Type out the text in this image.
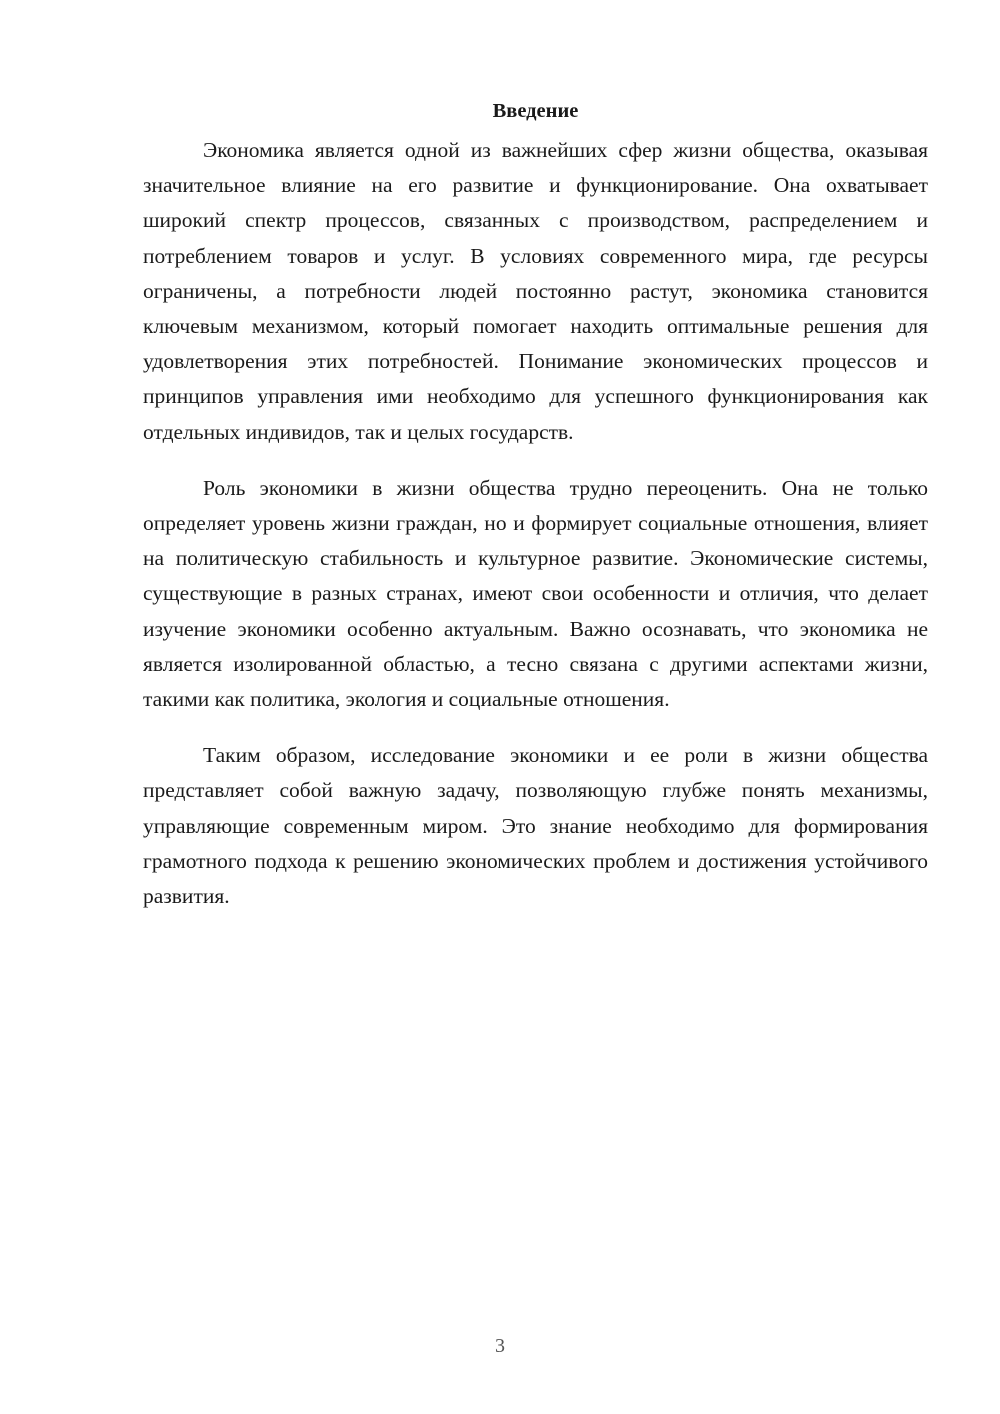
Введение

Экономика является одной из важнейших сфер жизни общества, оказывая значительное влияние на его развитие и функционирование. Она охватывает широкий спектр процессов, связанных с производством, распределением и потреблением товаров и услуг. В условиях современного мира, где ресурсы ограничены, а потребности людей постоянно растут, экономика становится ключевым механизмом, который помогает находить оптимальные решения для удовлетворения этих потребностей. Понимание экономических процессов и принципов управления ими необходимо для успешного функционирования как отдельных индивидов, так и целых государств.

Роль экономики в жизни общества трудно переоценить. Она не только определяет уровень жизни граждан, но и формирует социальные отношения, влияет на политическую стабильность и культурное развитие. Экономические системы, существующие в разных странах, имеют свои особенности и отличия, что делает изучение экономики особенно актуальным. Важно осознавать, что экономика не является изолированной областью, а тесно связана с другими аспектами жизни, такими как политика, экология и социальные отношения.

Таким образом, исследование экономики и ее роли в жизни общества представляет собой важную задачу, позволяющую глубже понять механизмы, управляющие современным миром. Это знание необходимо для формирования грамотного подхода к решению экономических проблем и достижения устойчивого развития.

3
